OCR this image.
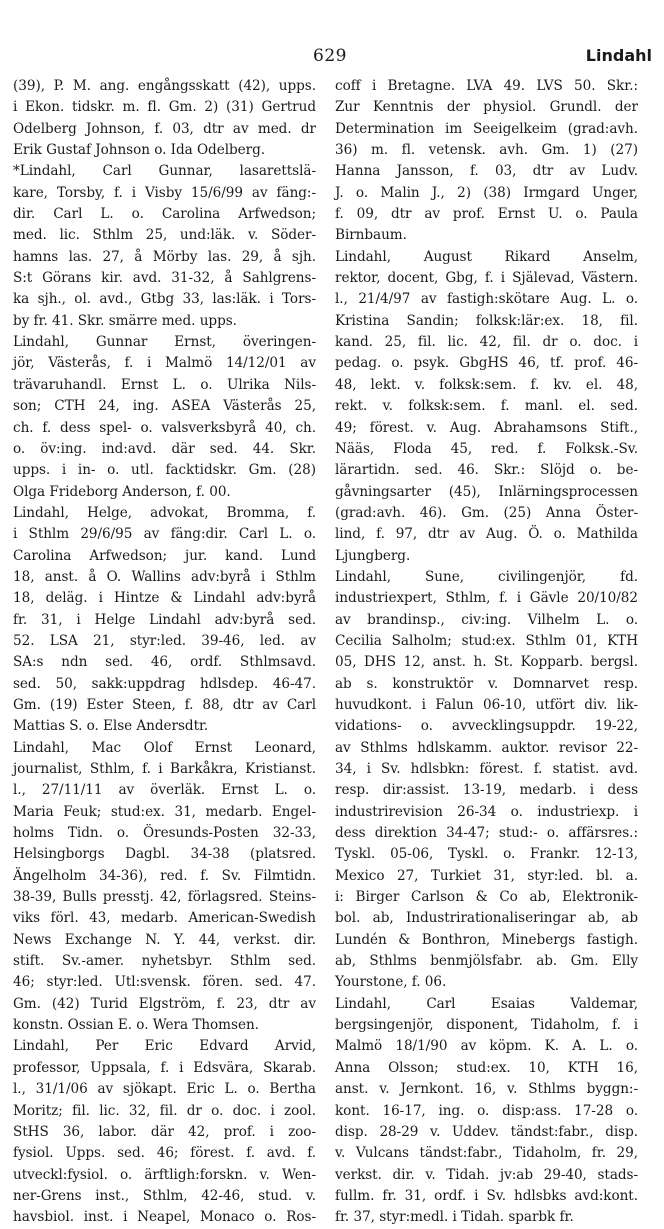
629	Lindahl
(39), P. M. ang. engångsskatt (42), upps.
i Ekon. tidskr. m. fl. Gm. 2) (31) Gertrud
Odelberg Johnson, f. 03, dtr av med. dr
Erik Gustaf Johnson o. Ida Odelberg.
*Lindahl, Carl Gunnar, lasarettslä-
kare, Torsby, f. i Visby 15/6/99 av fäng:-
dir. Carl L. o. Carolina Arfwedson;
med. lic. Sthlm 25, und:läk. v. Söder-
hamns las. 27, å Mörby las. 29, å sjh.
S:t Görans kir. avd. 31-32, å Sahlgrens-
ka sjh., ol. avd., Gtbg 33, las:läk. i Tors-
by fr. 41. Skr. smärre med. upps.
Lindahl, Gunnar Ernst, överingen-
jör, Västerås, f. i Malmö 14/12/01 av
trävaruhandl. Ernst L. o. Ulrika Nils-
son; CTH 24, ing. ASEA Västerås 25,
ch. f. dess spel- o. valsverksbyrå 40, ch.
o. öv:ing. ind:avd. där sed. 44. Skr.
upps. i in- o. utl. facktidskr. Gm. (28)
Olga Frideborg Anderson, f. 00.
Lindahl, Helge, advokat, Bromma, f.
i Sthlm 29/6/95 av fäng:dir. Carl L. o.
Carolina Arfwedson; jur. kand. Lund
18, anst. å O. Wallins adv:byrå i Sthlm
18, deläg. i Hintze & Lindahl adv:byrå
fr. 31, i Helge Lindahl adv:byrå sed.
52. LSA 21, styr:led. 39-46, led. av
SA:s ndn sed. 46, ordf. Sthlmsavd.
sed. 50, sakk:uppdrag hdlsdep. 46-47.
Gm. (19) Ester Steen, f. 88, dtr av Carl
Mattias S. o. Else Andersdtr.
Lindahl, Mac Olof Ernst Leonard,
journalist, Sthlm, f. i Barkåkra, Kristianst.
l., 27/11/11 av överläk. Ernst L. o.
Maria Feuk; stud:ex. 31, medarb. Engel-
holms Tidn. o. Öresunds-Posten 32-33,
Helsingborgs Dagbl. 34-38 (platsred.
Ängelholm 34-36), red. f. Sv. Filmtidn.
38-39, Bulls presstj. 42, förlagsred. Steins-
viks förl. 43, medarb. American-Swedish
News Exchange N. Y. 44, verkst. dir.
stift. Sv.-amer. nyhetsbyr. Sthlm sed.
46; styr:led. Utl:svensk. fören. sed. 47.
Gm. (42) Turid Elgström, f. 23, dtr av
konstn. Ossian E. o. Wera Thomsen.
Lindahl, Per Eric Edvard Arvid,
professor, Uppsala, f. i Edsvära, Skarab.
l., 31/1/06 av sjökapt. Eric L. o. Bertha
Moritz; fil. lic. 32, fil. dr o. doc. i zool.
StHS 36, labor. där 42, prof. i zoo-
fysiol. Upps. sed. 46; förest. f. avd. f.
utveckl:fysiol. o. ärftligh:forskn. v. Wen-
ner-Grens inst., Sthlm, 42-46, stud. v.
havsbiol. inst. i Neapel, Monaco o. Ros-
coff i Bretagne. LVA 49. LVS 50. Skr.:
Zur Kenntnis der physiol. Grundl. der
Determination im Seeigelkeim (grad:avh.
36) m. fl. vetensk. avh. Gm. 1) (27)
Hanna Jansson, f. 03, dtr av Ludv.
J. o. Malin J., 2) (38) Irmgard Unger,
f. 09, dtr av prof. Ernst U. o. Paula
Birnbaum.
Lindahl, August Rikard Anselm,
rektor, docent, Gbg, f. i Själevad, Västern.
l., 21/4/97 av fastigh:skötare Aug. L. o.
Kristina Sandin; folksk:lär:ex. 18, fil.
kand. 25, fil. lic. 42, fil. dr o. doc. i
pedag. o. psyk. GbgHS 46, tf. prof. 46-
48, lekt. v. folksk:sem. f. kv. el. 48,
rekt. v. folksk:sem. f. manl. el. sed.
49; förest. v. Aug. Abrahamsons Stift.,
Nääs, Floda 45, red. f. Folksk.-Sv.
lärartidn. sed. 46. Skr.: Slöjd o. be-
gåvningsarter (45), Inlärningsprocessen
(grad:avh. 46). Gm. (25) Anna Öster-
lind, f. 97, dtr av Aug. Ö. o. Mathilda
Ljungberg.
Lindahl, Sune, civilingenjör, fd.
industriexpert, Sthlm, f. i Gävle 20/10/82
av brandinsp., civ:ing. Vilhelm L. o.
Cecilia Salholm; stud:ex. Sthlm 01, KTH
05, DHS 12, anst. h. St. Kopparb. bergsl.
ab s. konstruktör v. Domnarvet resp.
huvudkont. i Falun 06-10, utfört div. lik-
vidations- o. avvecklingsuppdr. 19-22,
av Sthlms hdlskamm. auktor. revisor 22-
34, i Sv. hdlsbkn: förest. f. statist. avd.
resp. dir:assist. 13-19, medarb. i dess
industrirevision 26-34 o. industriexp. i
dess direktion 34-47; stud:- o. affärsres.:
Tyskl. 05-06, Tyskl. o. Frankr. 12-13,
Mexico 27, Turkiet 31, styr:led. bl. a.
i: Birger Carlson & Co ab, Elektronik-
bol. ab, Industrirationaliseringar ab, ab
Lundén & Bonthron, Minebergs fastigh.
ab, Sthlms benmjölsfabr. ab. Gm. Elly
Yourstone, f. 06.
Lindahl, Carl Esaias Valdemar,
bergsingenjör, disponent, Tidaholm, f. i
Malmö 18/1/90 av köpm. K. A. L. o.
Anna Olsson; stud:ex. 10, KTH 16,
anst. v. Jernkont. 16, v. Sthlms byggn:-
kont. 16-17, ing. o. disp:ass. 17-28 o.
disp. 28-29 v. Uddev. tändst:fabr., disp.
v. Vulcans tändst:fabr., Tidaholm, fr. 29,
verkst. dir. v. Tidah. jv:ab 29-40, stads-
fullm. fr. 31, ordf. i Sv. hdlsbks avd:kont.
fr. 37, styr:medl. i Tidah. sparbk fr.
